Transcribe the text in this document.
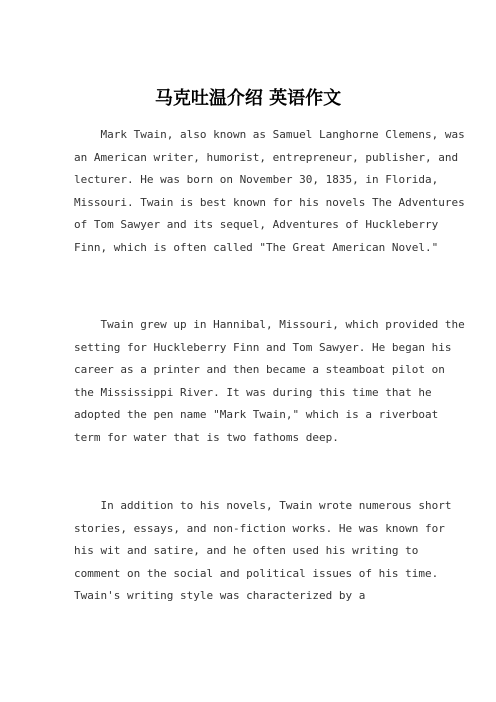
马克吐温介绍 英语作文

Mark Twain, also known as Samuel Langhorne Clemens, was
an American writer, humorist, entrepreneur, publisher, and
lecturer. He was born on November 30, 1835, in Florida,
Missouri. Twain is best known for his novels The Adventures
of Tom Sawyer and its sequel, Adventures of Huckleberry
Finn, which is often called "The Great American Novel."

Twain grew up in Hannibal, Missouri, which provided the
setting for Huckleberry Finn and Tom Sawyer. He began his
career as a printer and then became a steamboat pilot on
the Mississippi River. It was during this time that he
adopted the pen name "Mark Twain," which is a riverboat
term for water that is two fathoms deep.

In addition to his novels, Twain wrote numerous short
stories, essays, and non-fiction works. He was known for
his wit and satire, and he often used his writing to
comment on the social and political issues of his time.
Twain's writing style was characterized by a
